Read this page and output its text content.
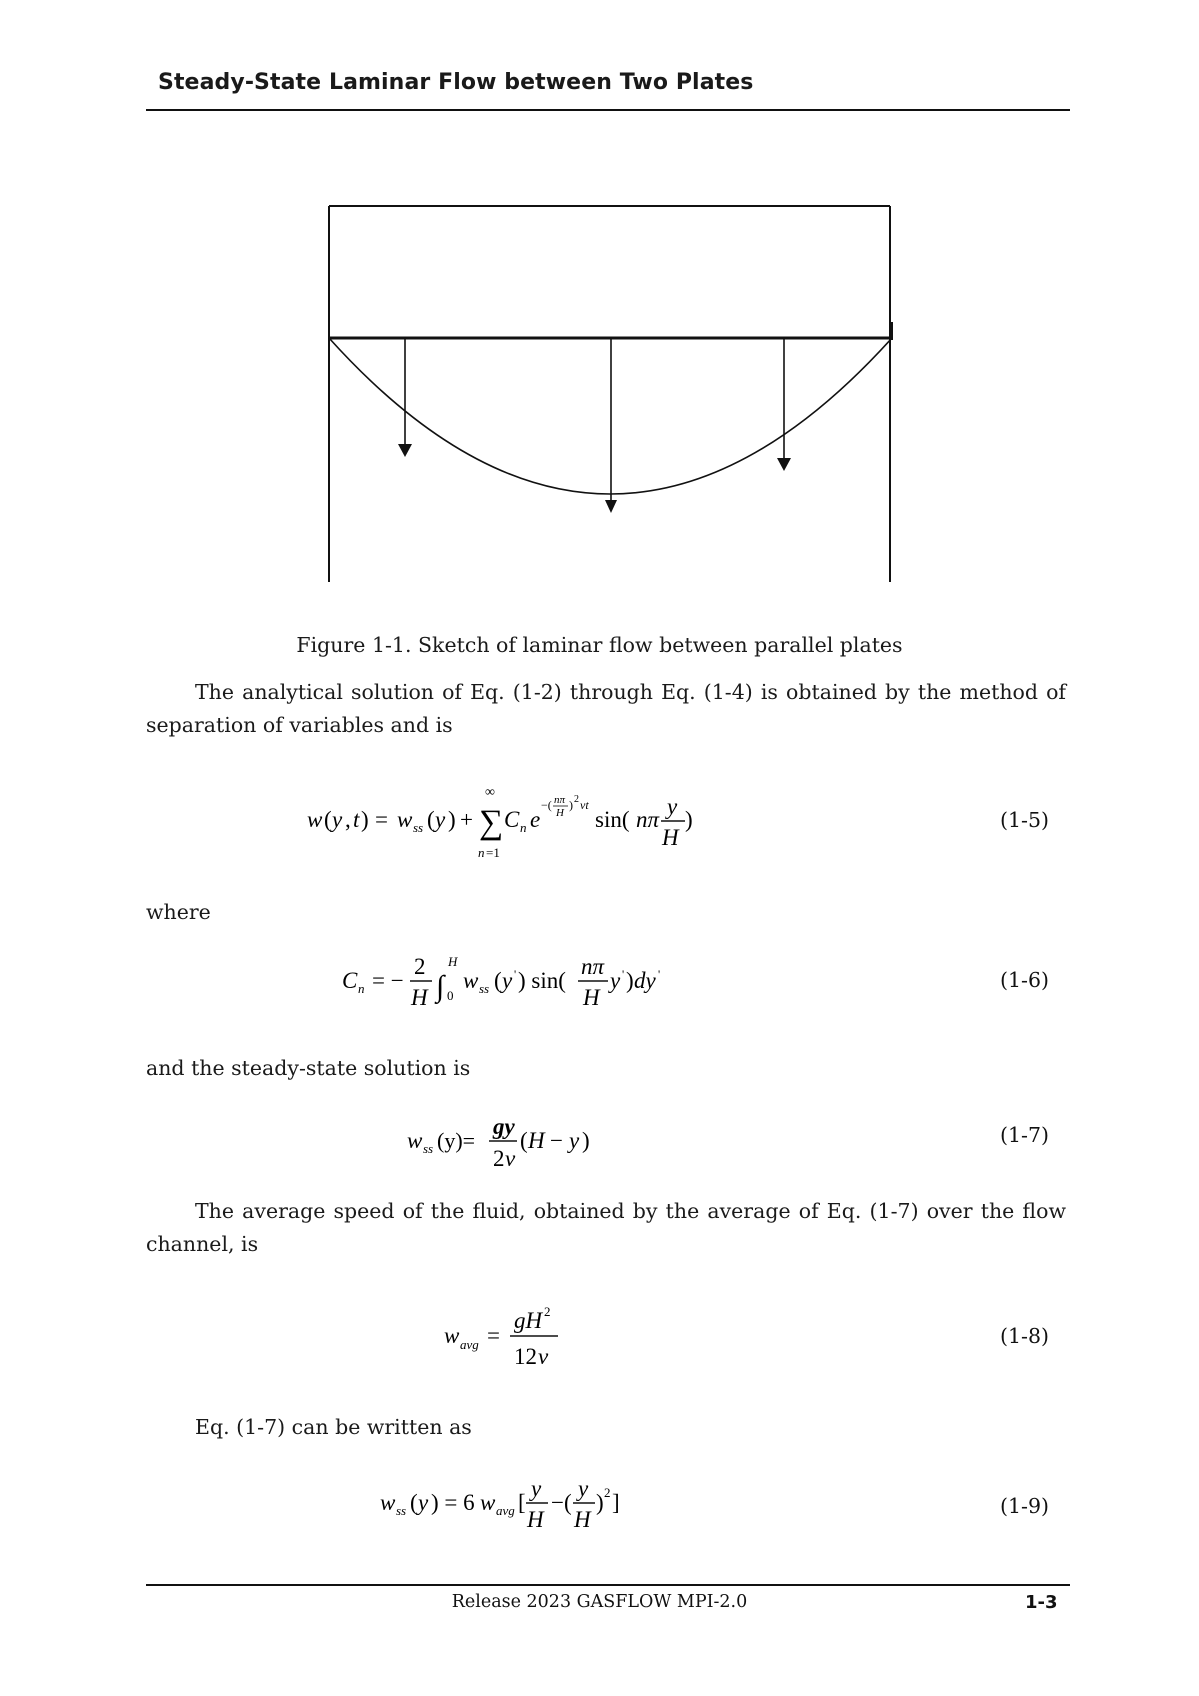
Steady-State Laminar Flow between Two Plates
Figure 1-1. Sketch of laminar flow between parallel plates
The analytical solution of Eq. (1-2) through Eq. (1-4) is obtained by the method of separation of variables and is
w ( y , t ) = w ss ( y ) + ∑
∞
n =1
C n e
−( nπ
H
) 2 νt
sin( nπ
y
H
)	(1-5)
where
C n = −
2
H ∫
H
0
w ss ( y ' ) sin(
nπ
H
y ' ) dy '	(1-6)
and the steady-state solution is
w ss (y)=
gy
2 ν
( H − y )	(1-7)
The average speed of the fluid, obtained by the average of Eq. (1-7) over the flow channel, is
w avg =
gH 2
12 ν
(1-8)
Eq. (1-7) can be written as
w ss ( y ) = 6 w avg [
y
H
−(
y
H
) 2 ]	(1-9)
Release 2023 GASFLOW MPI-2.0	1-3
